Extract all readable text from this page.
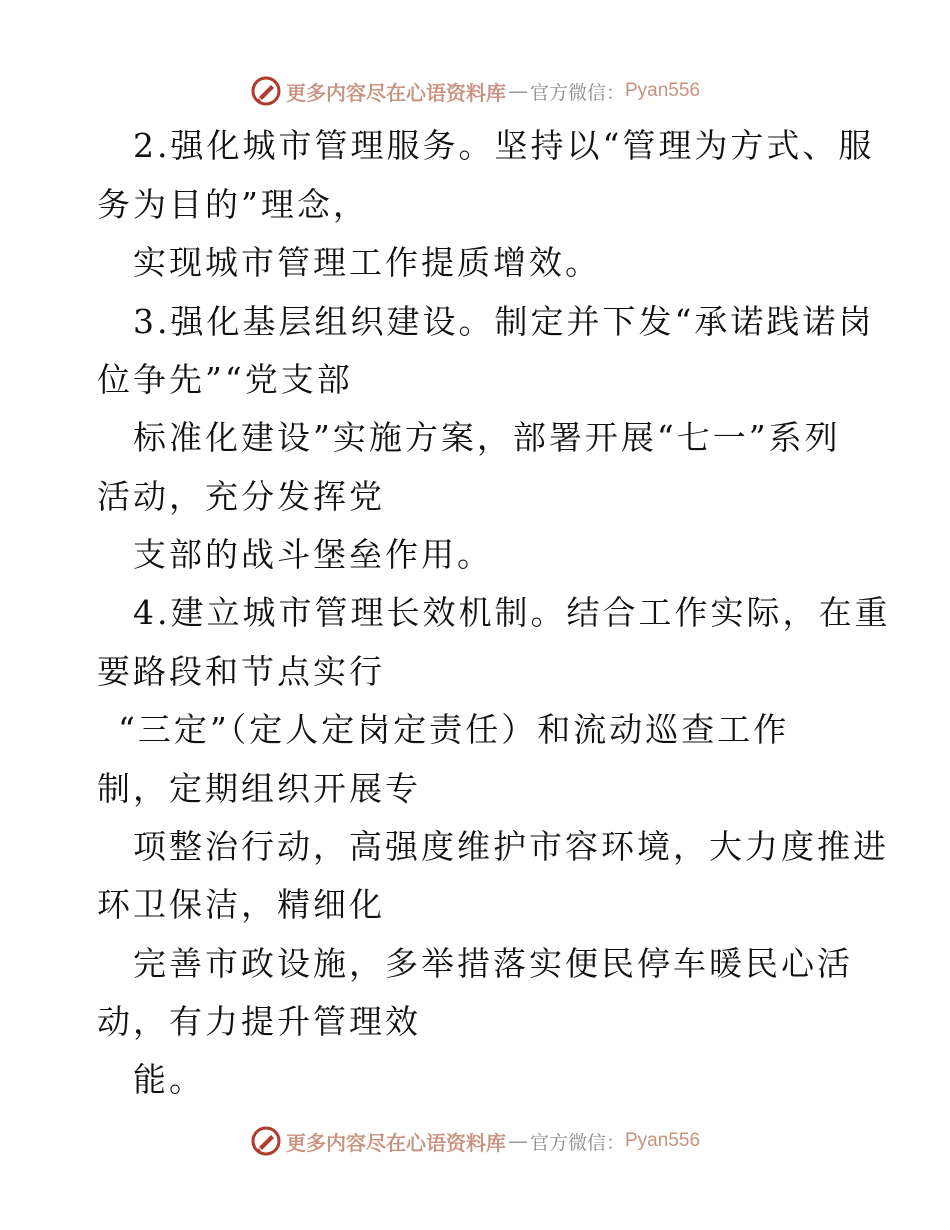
更多内容尽在心语资料库 — 官方微信： Pyan556
2.强化城市管理服务。坚持以“管理为方式、服
务为目的”理念，
实现城市管理工作提质增效。
3.强化基层组织建设。制定并下发“承诺践诺岗
位争先”“党支部
标准化建设”实施方案，部署开展“七一”系列
活动，充分发挥党
支部的战斗堡垒作用。
4.建立城市管理长效机制。结合工作实际，在重
要路段和节点实行
“三定”（定人定岗定责任）和流动巡查工作
制，定期组织开展专
项整治行动，高强度维护市容环境，大力度推进
环卫保洁，精细化
完善市政设施，多举措落实便民停车暖民心活
动，有力提升管理效
能。
更多内容尽在心语资料库 — 官方微信： Pyan556
